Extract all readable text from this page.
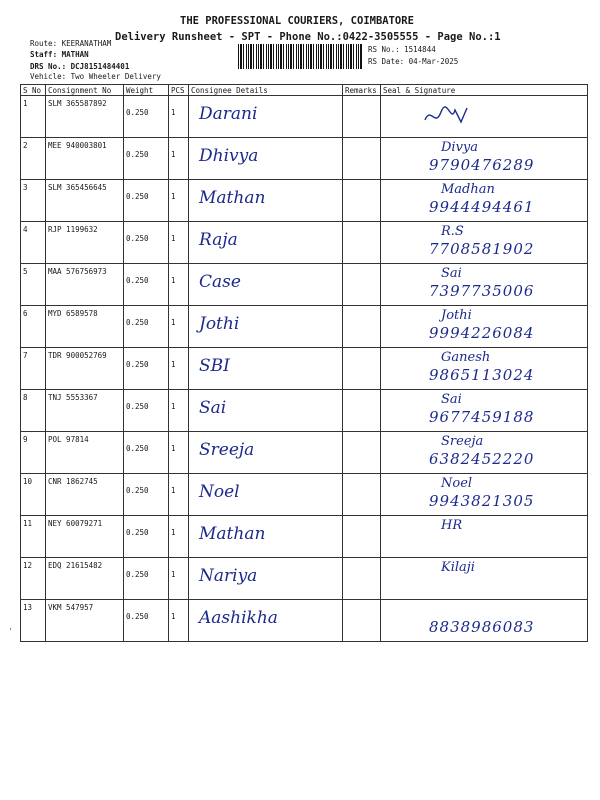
THE PROFESSIONAL COURIERS, COIMBATORE
Delivery Runsheet - SPT - Phone No.:0422-3505555 - Page No.:1
Route: KEERANATHAM
Staff: MATHAN
DRS No.: DCJ8151484401
Vehicle: Two Wheeler Delivery
RS No.: 1514844
RS Date: 04-Mar-2025
S No	Consignment No	Weight	PCS	Consignee Details	Remarks	Seal & Signature

1	SLM 365587892	0.250	1	Darani

2	MEE 940003801	0.250	1	Dhivya		Divya
9790476289

3	SLM 365456645	0.250	1	Mathan		Madhan
9944494461

4	RJP 1199632	0.250	1	Raja		R.S
7708581902

5	MAA 576756973	0.250	1	Case		Sai
7397735006

6	MYD 6589578	0.250	1	Jothi		Jothi
9994226084

7	TDR 900052769	0.250	1	SBI		Ganesh
9865113024

8	TNJ 5553367	0.250	1	Sai		Sai
9677459188

9	POL 97814	0.250	1	Sreeja		Sreeja
6382452220

10	CNR 1862745	0.250	1	Noel		Noel
9943821305

11	NEY 60079271	0.250	1	Mathan		HR

12	EDQ 21615482	0.250	1	Nariya		Kilaji

13	VKM 547957	0.250	1	Aashikha		8838986083
ʹ
